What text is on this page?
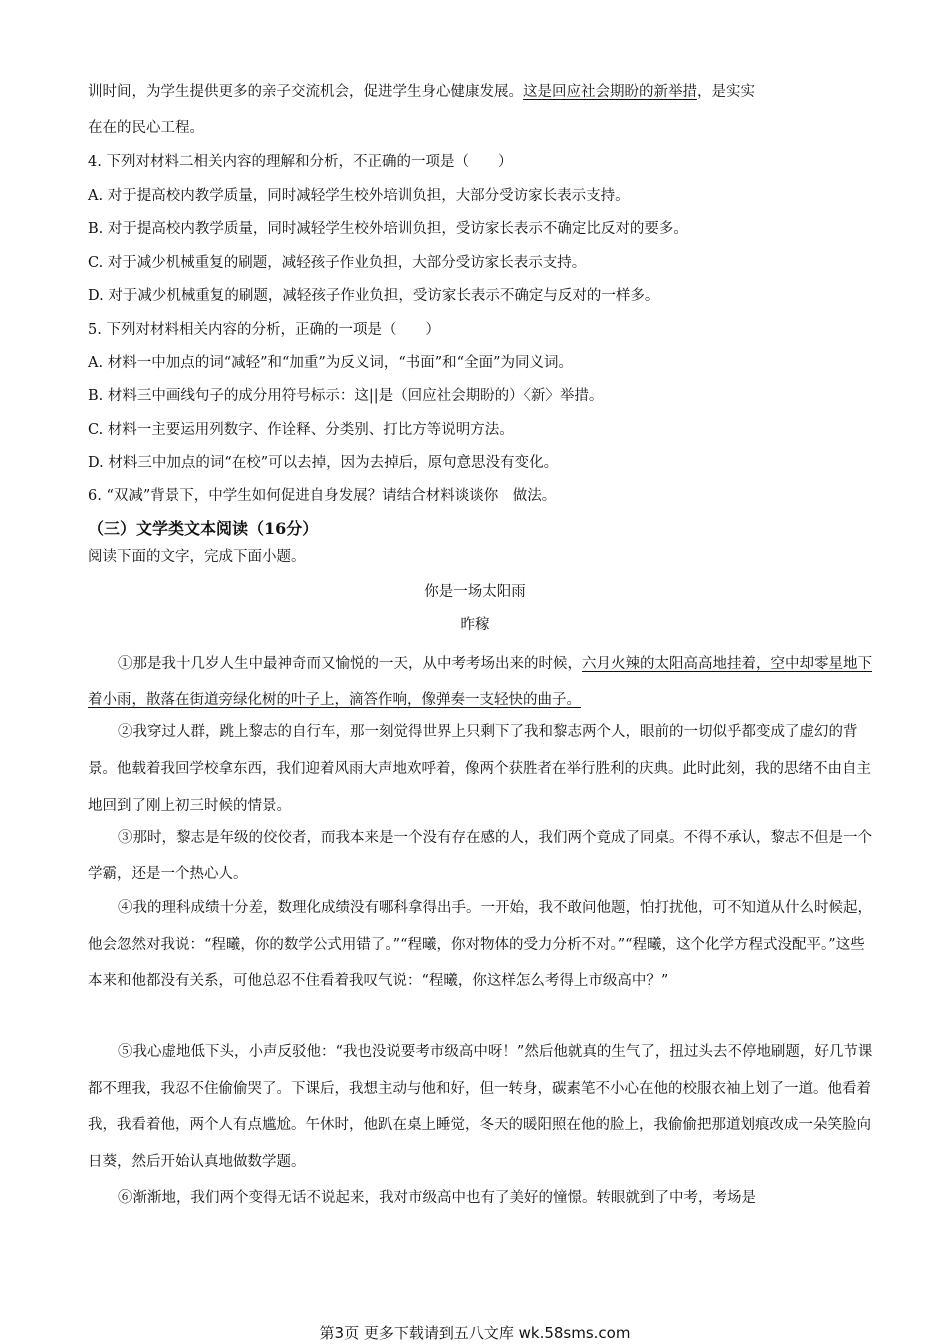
训时间，为学生提供更多的亲子交流机会，促进学生身心健康发展。这是回应社会期盼的新举措，是实实
在在的民心工程。
4. 下列对材料二相关内容的理解和分析，不正确的一项是（　　）
A. 对于提高校内教学质量，同时减轻学生校外培训负担，大部分受访家长表示支持。
B. 对于提高校内教学质量，同时减轻学生校外培训负担，受访家长表示不确定比反对的要多。
C. 对于减少机械重复的刷题，减轻孩子作业负担，大部分受访家长表示支持。
D. 对于减少机械重复的刷题，减轻孩子作业负担，受访家长表示不确定与反对的一样多。
5. 下列对材料相关内容的分析，正确的一项是（　　）
A. 材料一中加点的词“减轻”和“加重”为反义词，“书面”和“全面”为同义词。
B. 材料三中画线句子的成分用符号标示：这||是（回应社会期盼的）〈新〉举措。
C. 材料一主要运用列数字、作诠释、分类别、打比方等说明方法。
D. 材料三中加点的词“在校”可以去掉，因为去掉后，原句意思没有变化。
6. “双减”背景下，中学生如何促进自身发展？请结合材料谈谈你　做法。
（三）文学类文本阅读（16分）
阅读下面的文字，完成下面小题。
你是一场太阳雨
昨稼
①那是我十几岁人生中最神奇而又愉悦的一天，从中考考场出来的时候，六月火辣的太阳高高地挂着，空中却零星地下着小雨，散落在街道旁绿化树的叶子上，滴答作响，像弹奏一支轻快的曲子。
②我穿过人群，跳上黎志的自行车，那一刻觉得世界上只剩下了我和黎志两个人，眼前的一切似乎都变成了虚幻的背景。他载着我回学校拿东西，我们迎着风雨大声地欢呼着，像两个获胜者在举行胜利的庆典。此时此刻，我的思绪不由自主地回到了刚上初三时候的情景。
③那时，黎志是年级的佼佼者，而我本来是一个没有存在感的人，我们两个竟成了同桌。不得不承认，黎志不但是一个学霸，还是一个热心人。
④我的理科成绩十分差，数理化成绩没有哪科拿得出手。一开始，我不敢问他题，怕打扰他，可不知道从什么时候起，他会忽然对我说：“程曦，你的数学公式用错了。”“程曦，你对物体的受力分析不对。”“程曦，这个化学方程式没配平。”这些本来和他都没有关系，可他总忍不住看着我叹气说：“程曦，你这样怎么考得上市级高中？”
⑤我心虚地低下头，小声反驳他：“我也没说要考市级高中呀！”然后他就真的生气了，扭过头去不停地刷题，好几节课都不理我，我忍不住偷偷哭了。下课后，我想主动与他和好，但一转身，碳素笔不小心在他的校服衣袖上划了一道。他看着我，我看着他，两个人有点尴尬。午休时，他趴在桌上睡觉，冬天的暖阳照在他的脸上，我偷偷把那道划痕改成一朵笑脸向日葵，然后开始认真地做数学题。
⑥渐渐地，我们两个变得无话不说起来，我对市级高中也有了美好的憧憬。转眼就到了中考，考场是
第3页 更多下载请到五八文库 wk.58sms.com
